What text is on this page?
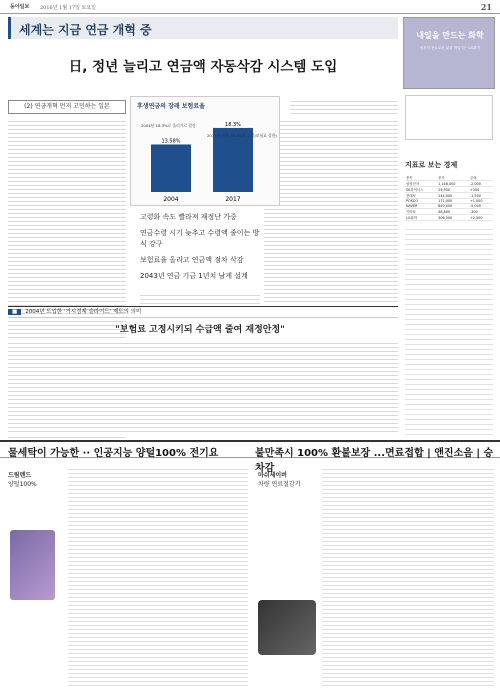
동아일보 2016년 1월 17일 토요일	21
세계는 지금 연금 개혁 중
日, 정년 늘리고 연금액 자동삭감 시스템 도입
(2) 연금개혁 먼저 고민하는 일본	후생연금의 장래 보험료율
2004
13.58%
2017
18.3%
2004년 18.3%로 올리기로 결정
2017년 이후 18.3%로 고정(보험료 상한)

고령화 속도 빨라져 재정난 가중

연금수령 시기 늦추고 수령액 줄이는 방식 강구

보험료율 올리고 연금액 점차 삭감

2043년 연금 기금 1년치 남게 설계

■ 2004년 도입한 '거시경제 슬라이드' 제도의 의미
"보험료 고정시키되 수급액 줄여 재정안정"
내일을 만드는 화학
인간의 풍요로운 삶을 책임지는 LG화학
지표로 보는 경제
종목	종가	등락
삼성전자	1,148,000	-2,000
SK하이닉스	29,950	+350
현대차	144,000	-1,500
POSCO	171,000	+1,000
NAVER	640,000	-5,000
기아차	48,800	-300
LG화학	306,500	+2,500
물세탁이 가능한 ·· 인공지능 양털100% 전기요	불만족시 100% 환불보장 ...면료접합 | 앤진소음 | 승차감
드림텐드
양털100%
마쉬세이버
차량 연료절감기
